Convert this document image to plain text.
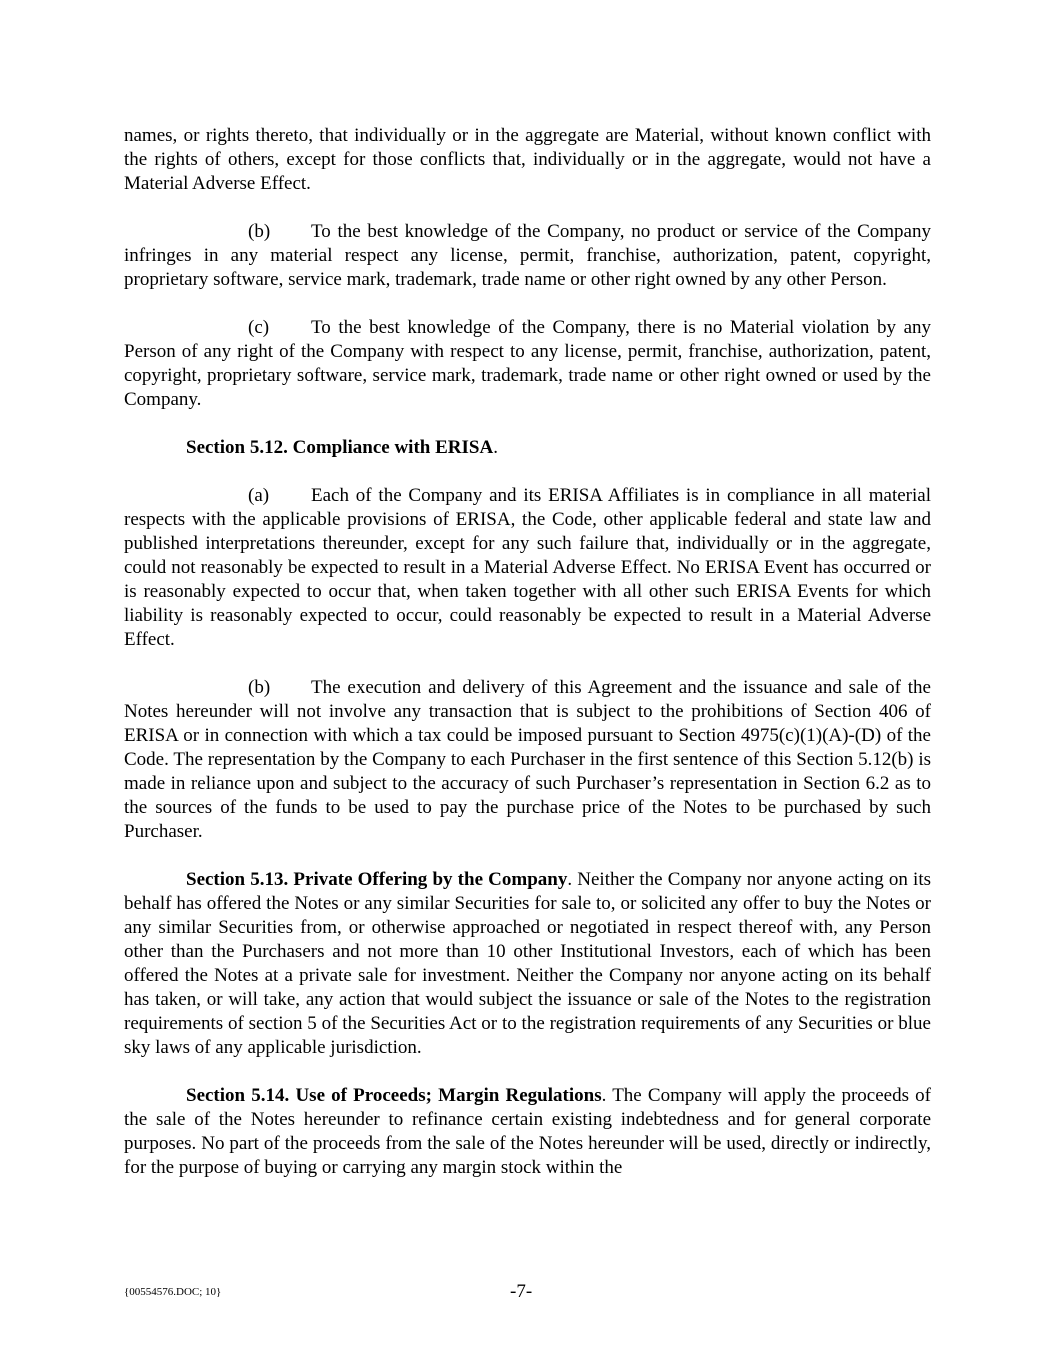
names, or rights thereto, that individually or in the aggregate are Material, without known conflict with the rights of others, except for those conflicts that, individually or in the aggregate, would not have a Material Adverse Effect.

(b) To the best knowledge of the Company, no product or service of the Company infringes in any material respect any license, permit, franchise, authorization, patent, copyright, proprietary software, service mark, trademark, trade name or other right owned by any other Person.

(c) To the best knowledge of the Company, there is no Material violation by any Person of any right of the Company with respect to any license, permit, franchise, authorization, patent, copyright, proprietary software, service mark, trademark, trade name or other right owned or used by the Company.

Section 5.12. Compliance with ERISA.

(a) Each of the Company and its ERISA Affiliates is in compliance in all material respects with the applicable provisions of ERISA, the Code, other applicable federal and state law and published interpretations thereunder, except for any such failure that, individually or in the aggregate, could not reasonably be expected to result in a Material Adverse Effect. No ERISA Event has occurred or is reasonably expected to occur that, when taken together with all other such ERISA Events for which liability is reasonably expected to occur, could reasonably be expected to result in a Material Adverse Effect.

(b) The execution and delivery of this Agreement and the issuance and sale of the Notes hereunder will not involve any transaction that is subject to the prohibitions of Section 406 of ERISA or in connection with which a tax could be imposed pursuant to Section 4975(c)(1)(A)-(D) of the Code. The representation by the Company to each Purchaser in the first sentence of this Section 5.12(b) is made in reliance upon and subject to the accuracy of such Purchaser’s representation in Section 6.2 as to the sources of the funds to be used to pay the purchase price of the Notes to be purchased by such Purchaser.

Section 5.13. Private Offering by the Company. Neither the Company nor anyone acting on its behalf has offered the Notes or any similar Securities for sale to, or solicited any offer to buy the Notes or any similar Securities from, or otherwise approached or negotiated in respect thereof with, any Person other than the Purchasers and not more than 10 other Institutional Investors, each of which has been offered the Notes at a private sale for investment. Neither the Company nor anyone acting on its behalf has taken, or will take, any action that would subject the issuance or sale of the Notes to the registration requirements of section 5 of the Securities Act or to the registration requirements of any Securities or blue sky laws of any applicable jurisdiction.

Section 5.14. Use of Proceeds; Margin Regulations. The Company will apply the proceeds of the sale of the Notes hereunder to refinance certain existing indebtedness and for general corporate purposes. No part of the proceeds from the sale of the Notes hereunder will be used, directly or indirectly, for the purpose of buying or carrying any margin stock within the

{00554576.DOC; 10}	-7-
